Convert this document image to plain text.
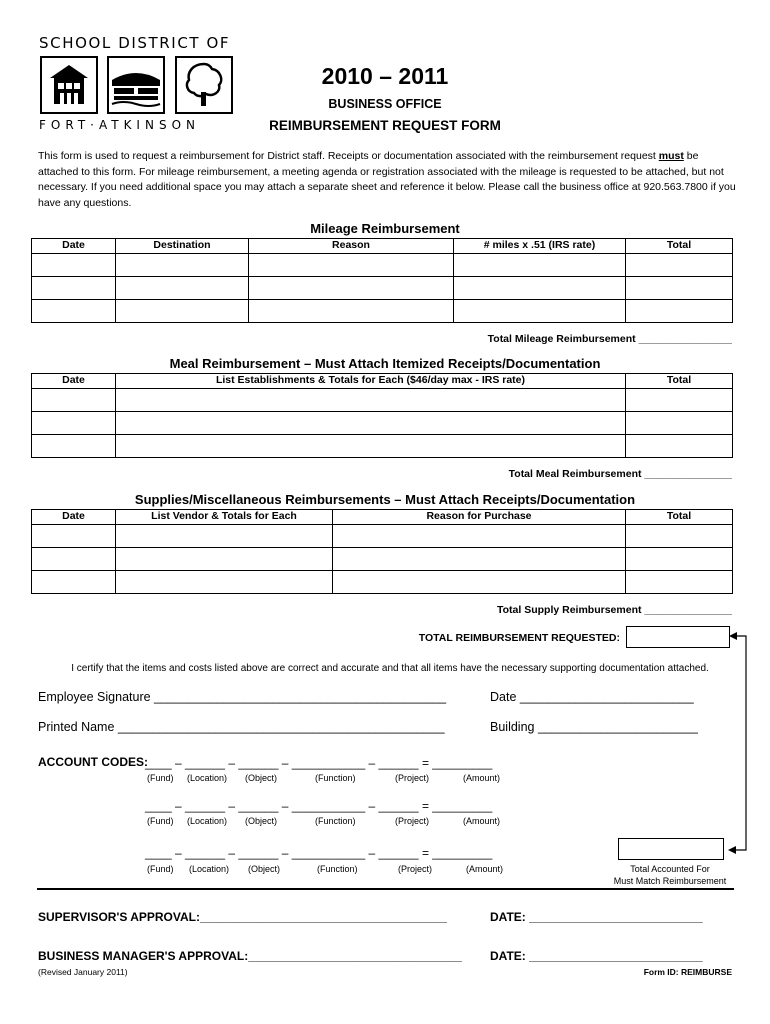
SCHOOL DISTRICT OF
FORT·ATKINSON
2010 – 2011
BUSINESS OFFICE
REIMBURSEMENT REQUEST FORM
This form is used to request a reimbursement for District staff. Receipts or documentation associated with the reimbursement request must be attached to this form. For mileage reimbursement, a meeting agenda or registration associated with the mileage is requested to be attached, but not necessary. If you need additional space you may attach a separate sheet and reference it below. Please call the business office at 920.563.7800 if you have any questions.
Mileage Reimbursement
Date	Destination	Reason	# miles x .51 (IRS rate)	Total

Total Mileage Reimbursement ________________
Meal Reimbursement – Must Attach Itemized Receipts/Documentation
Date	List Establishments & Totals for Each ($46/day max - IRS rate)	Total

Total Meal Reimbursement _______________
Supplies/Miscellaneous Reimbursements – Must Attach Receipts/Documentation
Date	List Vendor & Totals for Each	Reason for Purchase	Total

Total Supply Reimbursement _______________
TOTAL REIMBURSEMENT REQUESTED:
I certify that the items and costs listed above are correct and accurate and that all items have the necessary supporting documentation attached.
Employee Signature __________________________________________	Date _________________________
Printed Name _______________________________________________	Building _______________________
ACCOUNT CODES:
____ – ______ – ______ – ___________ – ______ = _________
(Fund) (Location) (Object)	(Function)	(Project)	(Amount)
____ – ______ – ______ – ___________ – ______ = _________
(Fund) (Location) (Object)	(Function)	(Project)	(Amount)
____ – ______ – ______ – ___________ – ______ = _________
(Fund) (Location) (Object)	(Function)	(Project)	(Amount)	Total Accounted For
Must Match Reimbursement
SUPERVISOR'S APPROVAL:_____________________________________	DATE: __________________________
BUSINESS MANAGER'S APPROVAL:________________________________ DATE: __________________________
(Revised January 2011)	Form ID: REIMBURSE
